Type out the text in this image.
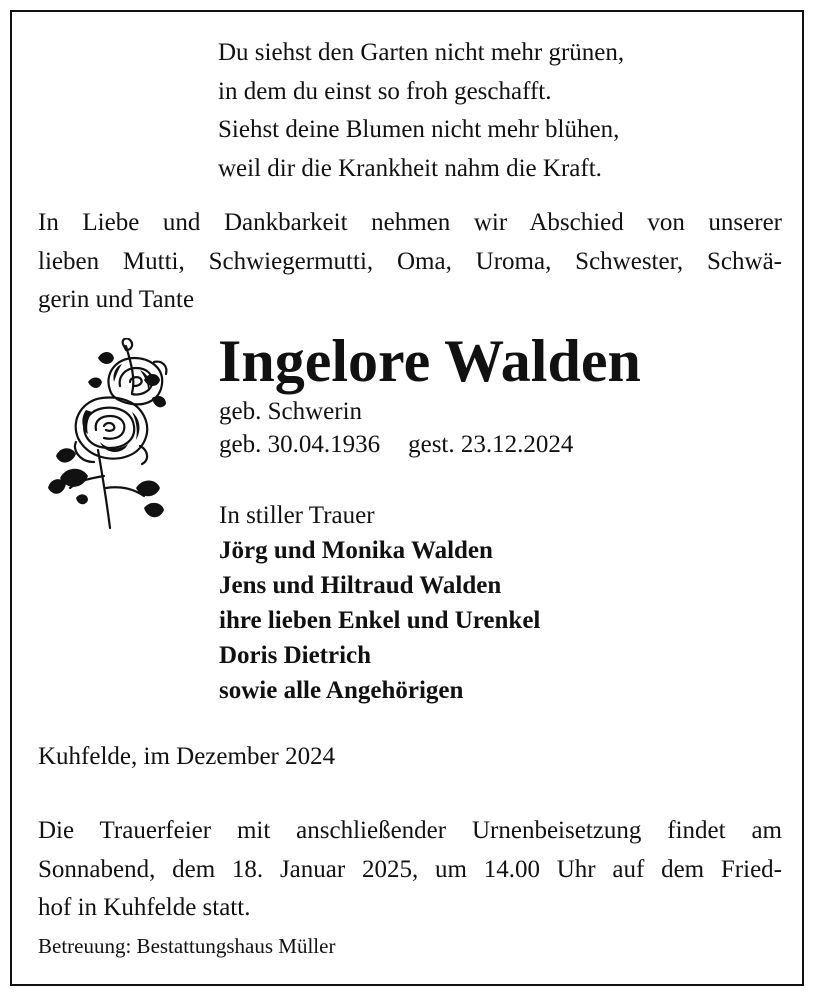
Du siehst den Garten nicht mehr grünen,
in dem du einst so froh geschafft.
Siehst deine Blumen nicht mehr blühen,
weil dir die Krankheit nahm die Kraft.
In Liebe und Dankbarkeit nehmen wir Abschied von unserer
lieben Mutti, Schwiegermutti, Oma, Uroma, Schwester, Schwä-
gerin und Tante
Ingelore Walden
geb. Schwerin
geb. 30.04.1936 gest. 23.12.2024
In stiller Trauer
Jörg und Monika Walden
Jens und Hiltraud Walden
ihre lieben Enkel und Urenkel
Doris Dietrich
sowie alle Angehörigen
Kuhfelde, im Dezember 2024
Die Trauerfeier mit anschließender Urnenbeisetzung findet am
Sonnabend, dem 18. Januar 2025, um 14.00 Uhr auf dem Fried-
hof in Kuhfelde statt.
Betreuung: Bestattungshaus Müller
